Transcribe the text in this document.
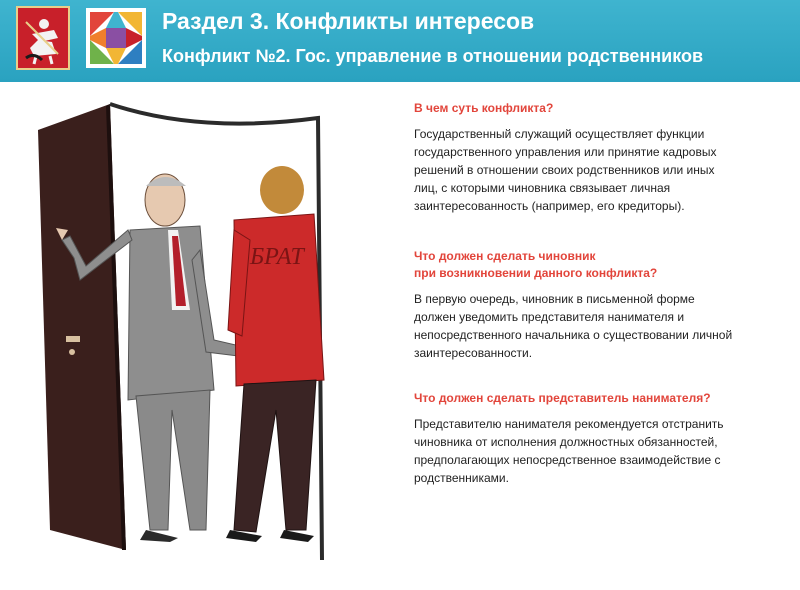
Раздел 3. Конфликты интересов
Конфликт №2. Гос. управление в отношении родственников
БРАТ

В чем суть конфликта?

Государственный служащий осуществляет функции
государственного управления или принятие кадровых
решений в отношении своих родственников или иных
лиц, с которыми чиновника связывает личная
заинтересованность (например, его кредиторы).

Что должен сделать чиновник
при возникновении данного конфликта?

В первую очередь, чиновник в письменной форме
должен уведомить представителя нанимателя и
непосредственного начальника о существовании личной
заинтересованности.

Что должен сделать представитель нанимателя?

Представителю нанимателя рекомендуется отстранить
чиновника от исполнения должностных обязанностей,
предполагающих непосредственное взаимодействие с
родственниками.
